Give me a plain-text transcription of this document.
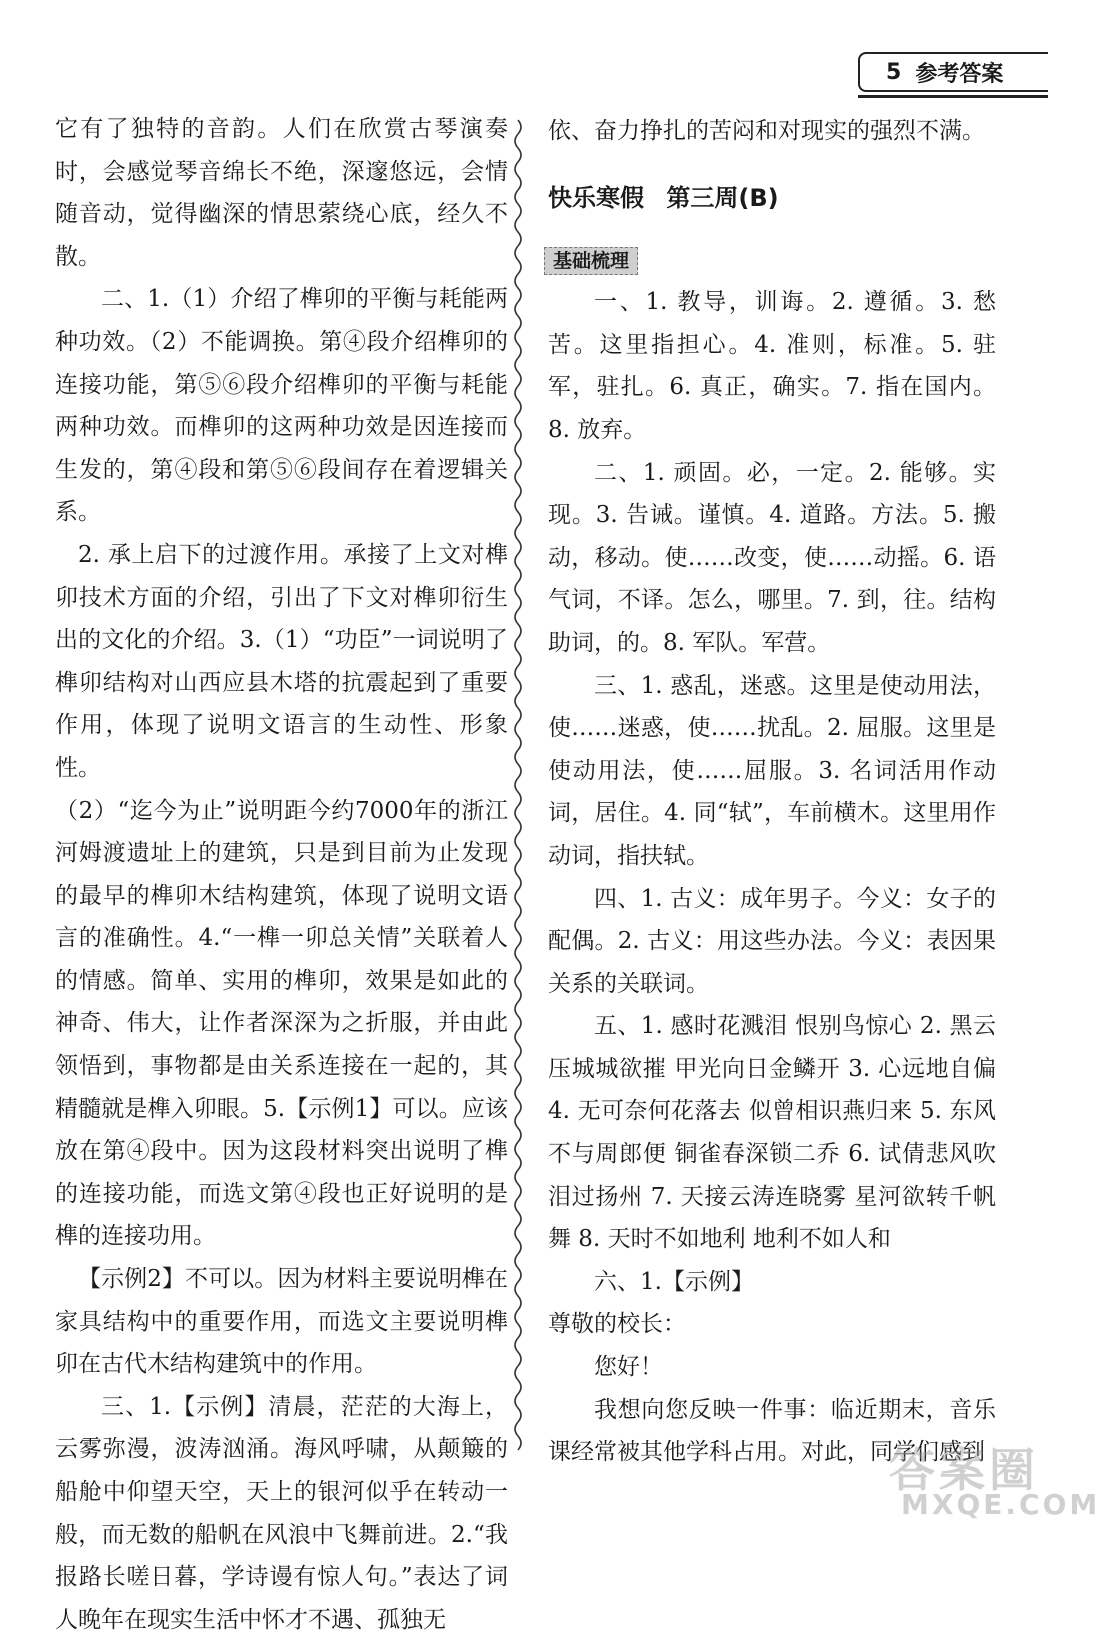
5 参考答案

它有了独特的音韵。人们在欣赏古琴演奏时，会感觉琴音绵长不绝，深邃悠远，会情随音动，觉得幽深的情思萦绕心底，经久不散。

二、1.（1）介绍了榫卯的平衡与耗能两种功效。（2）不能调换。第④段介绍榫卯的连接功能，第⑤⑥段介绍榫卯的平衡与耗能两种功效。而榫卯的这两种功效是因连接而生发的，第④段和第⑤⑥段间存在着逻辑关系。

2. 承上启下的过渡作用。承接了上文对榫卯技术方面的介绍，引出了下文对榫卯衍生出的文化的介绍。3.（1）“功臣”一词说明了榫卯结构对山西应县木塔的抗震起到了重要作用，体现了说明文语言的生动性、形象性。

（2）“迄今为止”说明距今约7000年的浙江河姆渡遗址上的建筑，只是到目前为止发现的最早的榫卯木结构建筑，体现了说明文语言的准确性。4.“一榫一卯总关情”关联着人的情感。简单、实用的榫卯，效果是如此的神奇、伟大，让作者深深为之折服，并由此领悟到，事物都是由关系连接在一起的，其精髓就是榫入卯眼。5.【示例1】可以。应该放在第④段中。因为这段材料突出说明了榫的连接功能，而选文第④段也正好说明的是榫的连接功用。

【示例2】不可以。因为材料主要说明榫在家具结构中的重要作用，而选文主要说明榫卯在古代木结构建筑中的作用。

三、1.【示例】清晨，茫茫的大海上，云雾弥漫，波涛汹涌。海风呼啸，从颠簸的船舱中仰望天空，天上的银河似乎在转动一般，而无数的船帆在风浪中飞舞前进。2.“我报路长嗟日暮，学诗谩有惊人句。”表达了词人晚年在现实生活中怀才不遇、孤独无

依、奋力挣扎的苦闷和对现实的强烈不满。

快乐寒假 第三周(B)

基础梳理

一、1. 教导，训诲。2. 遵循。3. 愁苦。这里指担心。4. 准则，标准。5. 驻军，驻扎。6. 真正，确实。7. 指在国内。8. 放弃。

二、1. 顽固。必，一定。2. 能够。实现。3. 告诫。谨慎。4. 道路。方法。5. 搬动，移动。使……改变，使……动摇。6. 语气词，不译。怎么，哪里。7. 到，往。结构助词，的。8. 军队。军营。

三、1. 惑乱，迷惑。这里是使动用法，使……迷惑，使……扰乱。2. 屈服。这里是使动用法，使……屈服。3. 名词活用作动词，居住。4. 同“轼”，车前横木。这里用作动词，指扶轼。

四、1. 古义：成年男子。今义：女子的配偶。2. 古义：用这些办法。今义：表因果关系的关联词。

五、1. 感时花溅泪 恨别鸟惊心 2. 黑云压城城欲摧 甲光向日金鳞开 3. 心远地自偏 4. 无可奈何花落去 似曾相识燕归来 5. 东风不与周郎便 铜雀春深锁二乔 6. 试倩悲风吹泪过扬州 7. 天接云涛连晓雾 星河欲转千帆舞 8. 天时不如地利 地利不如人和

六、1.【示例】

尊敬的校长：

您好！

我想向您反映一件事：临近期末，音乐课经常被其他学科占用。对此，同学们感到

答案圈
MXQE.COM
